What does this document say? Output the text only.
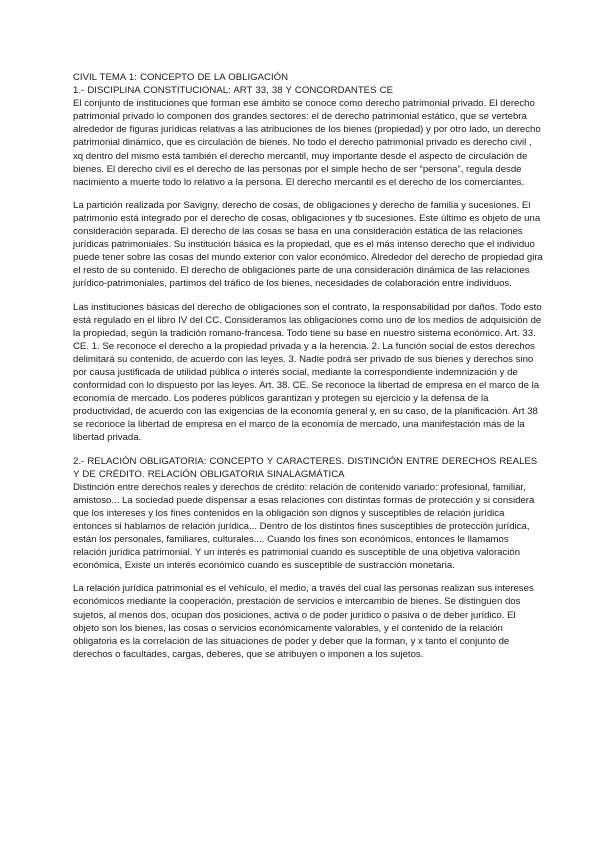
CIVIL TEMA 1: CONCEPTO DE LA OBLIGACIÓN

1.- DISCIPLINA CONSTITUCIONAL: ART 33, 38 Y CONCORDANTES CE

El conjunto de instituciones que forman ese ámbito se conoce como derecho patrimonial privado. El derecho patrimonial privado lo componen dos grandes sectores: el de derecho patrimonial estático, que se vertebra alrededor de figuras jurídicas relativas a las atribuciones de los bienes (propiedad) y por otro lado, un derecho patrimonial dinámico, que es circulación de bienes. No todo el derecho patrimonial privado es derecho civil , xq dentro del mismo está también el derecho mercantil, muy importante desde el aspecto de circulación de bienes. El derecho civil es el derecho de las personas por el simple hecho de ser “persona”, regula desde nacimiento a muerte todo lo relativo a la persona. El derecho mercantil es el derecho de los comerciantes.

La partición realizada por Savigny, derecho de cosas, de obligaciones y derecho de familia y sucesiones. El patrimonio está integrado por el derecho de cosas, obligaciones y tb sucesiones. Este último es objeto de una consideración separada. El derecho de las cosas se basa en una consideración estática de las relaciones jurídicas patrimoniales. Su institución básica es la propiedad, que es el más intenso derecho que el individuo puede tener sobre las cosas del mundo exterior con valor económico. Alrededor del derecho de propiedad gira el resto de su contenido. El derecho de obligaciones parte de una consideración dinámica de las relaciones jurídico-patrimoniales, partimos del tráfico de los bienes, necesidades de colaboración entre individuos.

Las instituciones básicas del derecho de obligaciones son el contrato, la responsabilidad por daños. Todo esto está regulado en el libro IV del CC. Consideramos las obligaciones como uno de los medios de adquisición de la propiedad, según la tradición romano-francesa. Todo tiene su base en nuestro sistema económico. Art. 33. CE. 1. Se reconoce el derecho a la propiedad privada y a la herencia. 2. La función social de estos derechos delimitará su contenido, de acuerdo con las leyes. 3. Nadie podrá ser privado de sus bienes y derechos sino por causa justificada de utilidad pública o interés social, mediante la correspondiente indemnización y de conformidad con lo dispuesto por las leyes. Art. 38. CE. Se reconoce la libertad de empresa en el marco de la economía de mercado. Los poderes públicos garantizan y protegen su ejercicio y la defensa de la productividad, de acuerdo con las exigencias de la economía general y, en su caso, de la planificación. Art 38 se reconoce la libertad de empresa en el marco de la economía de mercado, una manifestación más de la libertad privada.

2.- RELACIÓN OBLIGATORIA: CONCEPTO Y CARACTERES. DISTINCIÓN ENTRE DERECHOS REALES Y DE CRÉDITO. RELACIÓN OBLIGATORIA SINALAGMÁTICA

Distinción entre derechos reales y derechos de crédito: relación de contenido variado: profesional, familiar, amistoso... La sociedad puede dispensar a esas relaciones con distintas formas de protección y si considera que los intereses y los fines contenidos en la obligación son dignos y susceptibles de relación jurídica entonces si hablamos de relación jurídica... Dentro de los distintos fines susceptibles de protección jurídica, están los personales, familiares, culturales.... Cuando los fines son económicos, entonces le llamamos relación jurídica patrimonial. Y un interés es patrimonial cuando es susceptible de una objetiva valoración económica, Existe un interés económico cuando es susceptible de sustracción monetaria.

La relación jurídica patrimonial es el vehículo, el medio, a través del cual las personas realizan sus intereses económicos mediante la cooperación, prestación de servicios e intercambio de bienes. Se distinguen dos sujetos, al menos dos, ocupan dos posiciones, activa o de poder jurídico o pasiva o de deber jurídico. El objeto son los bienes, las cosas o servicios económicamente valorables, y el contenido de la relación obligatoria es la correlación de las situaciones de poder y deber que la forman, y x tanto el conjunto de derechos o facultades, cargas, deberes, que se atribuyen o imponen a los sujetos.
